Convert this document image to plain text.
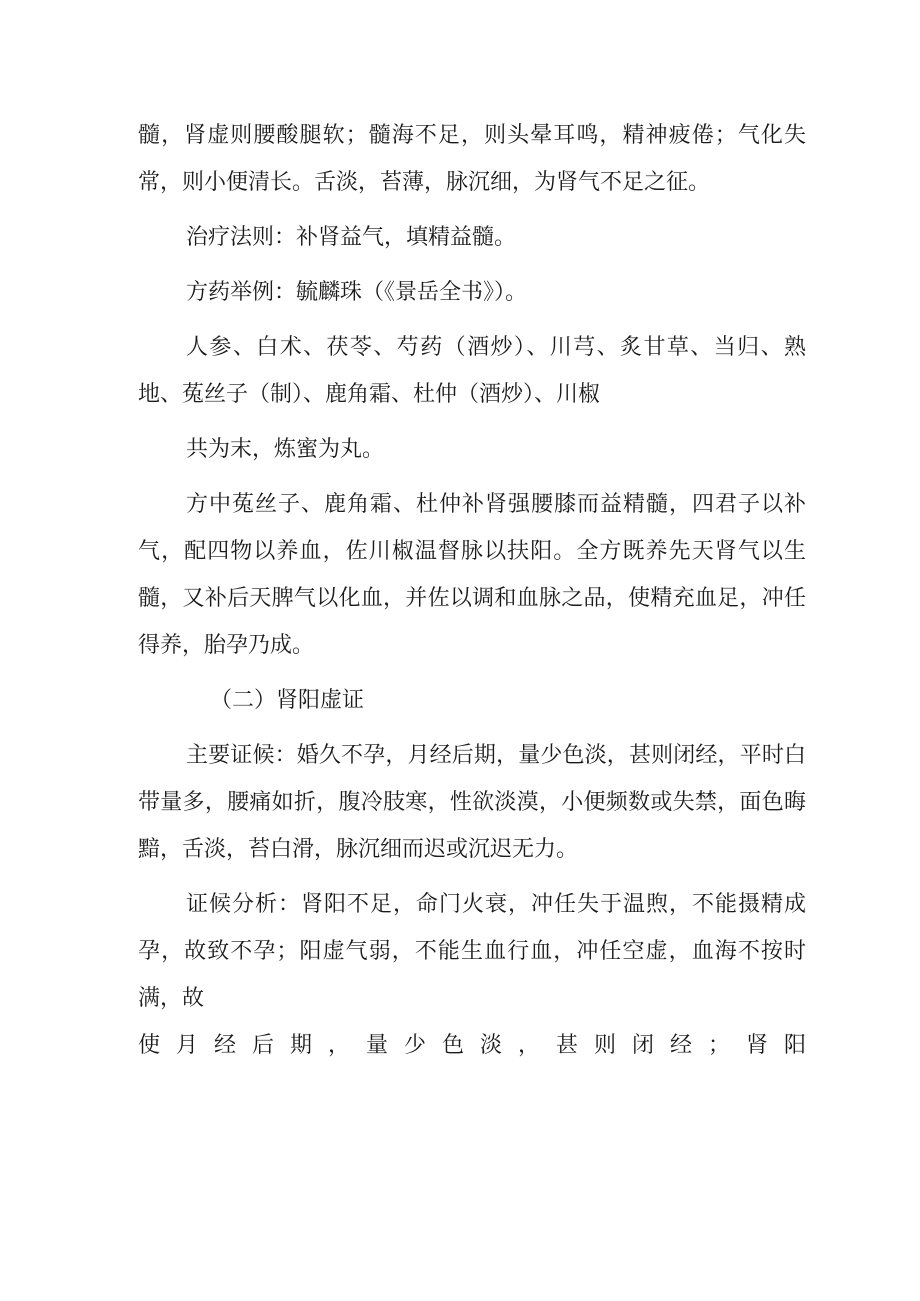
髓，肾虚则腰酸腿软；髓海不足，则头晕耳鸣，精神疲倦；气化失常，则小便清长。舌淡，苔薄，脉沉细，为肾气不足之征。

治疗法则：补肾益气，填精益髓。

方药举例：毓麟珠（《景岳全书》）。

人参、白术、茯苓、芍药（酒炒）、川芎、炙甘草、当归、熟地、菟丝子（制）、鹿角霜、杜仲（酒炒）、川椒

共为末，炼蜜为丸。

方中菟丝子、鹿角霜、杜仲补肾强腰膝而益精髓，四君子以补气，配四物以养血，佐川椒温督脉以扶阳。全方既养先天肾气以生髓，又补后天脾气以化血，并佐以调和血脉之品，使精充血足，冲任得养，胎孕乃成。

（二）肾阳虚证

主要证候：婚久不孕，月经后期，量少色淡，甚则闭经，平时白带量多，腰痛如折，腹冷肢寒，性欲淡漠，小便频数或失禁，面色晦黯，舌淡，苔白滑，脉沉细而迟或沉迟无力。

证候分析：肾阳不足，命门火衰，冲任失于温煦，不能摄精成孕，故致不孕；阳虚气弱，不能生血行血，冲任空虚，血海不按时满，故

使月经后期，量少色淡，甚则闭经；肾阳
